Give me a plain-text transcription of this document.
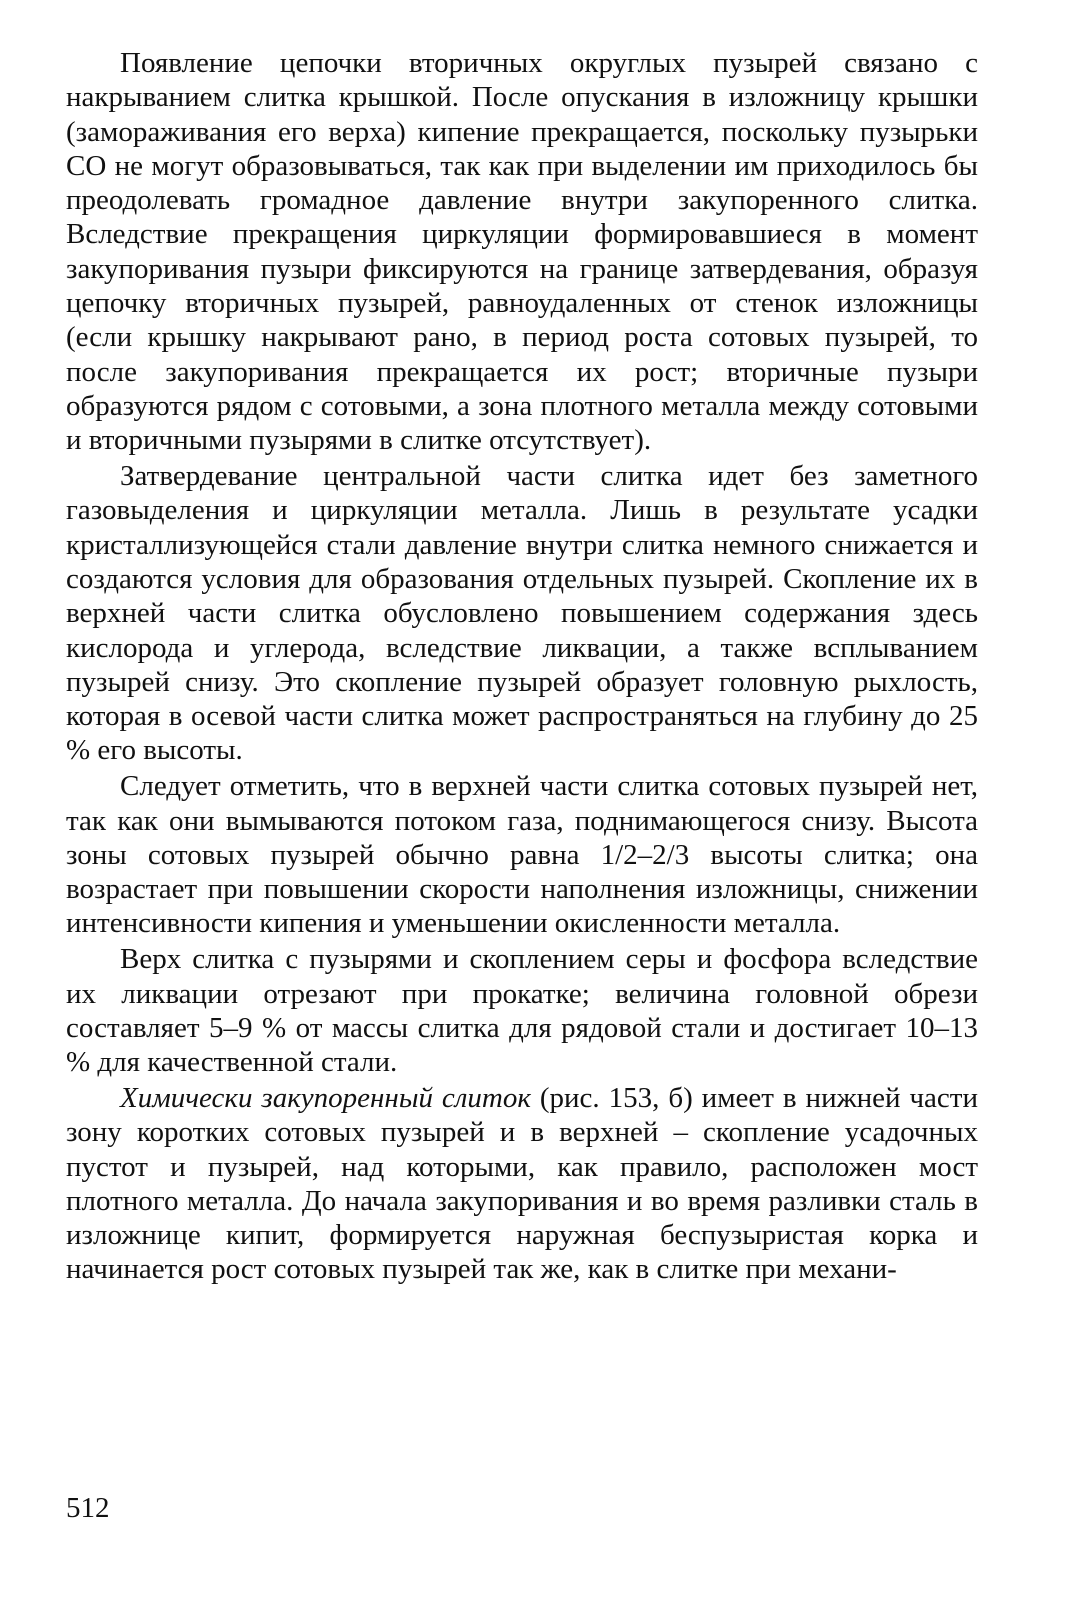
Появление цепочки вторичных округлых пузырей связано с накрыванием слитка крышкой. После опускания в изложницу крышки (замораживания его верха) кипение прекращается, поскольку пузырьки CO не могут образовываться, так как при выделении им приходилось бы преодолевать громадное давление внутри закупоренного слитка. Вследствие прекращения циркуляции формировавшиеся в момент закупоривания пузыри фиксируются на границе затвердевания, образуя цепочку вторичных пузырей, равноудаленных от стенок изложницы (если крышку накрывают рано, в период роста сотовых пузырей, то после закупоривания прекращается их рост; вторичные пузыри образуются рядом с сотовыми, а зона плотного металла между сотовыми и вторичными пузырями в слитке отсутствует).

Затвердевание центральной части слитка идет без заметного газовыделения и циркуляции металла. Лишь в результате усадки кристаллизующейся стали давление внутри слитка немного снижается и создаются условия для образования отдельных пузырей. Скопление их в верхней части слитка обусловлено повышением содержания здесь кислорода и углерода, вследствие ликвации, а также всплыванием пузырей снизу. Это скопление пузырей образует головную рыхлость, которая в осевой части слитка может распространяться на глубину до 25 % его высоты.

Следует отметить, что в верхней части слитка сотовых пузырей нет, так как они вымываются потоком газа, поднимающегося снизу. Высота зоны сотовых пузырей обычно равна 1/2–2/3 высоты слитка; она возрастает при повышении скорости наполнения изложницы, снижении интенсивности кипения и уменьшении окисленности металла.

Верх слитка с пузырями и скоплением серы и фосфора вследствие их ликвации отрезают при прокатке; величина головной обрези составляет 5–9 % от массы слитка для рядовой стали и достигает 10–13 % для качественной стали.

Химически закупоренный слиток (рис. 153, б) имеет в нижней части зону коротких сотовых пузырей и в верхней – скопление усадочных пустот и пузырей, над которыми, как правило, расположен мост плотного металла. До начала закупоривания и во время разливки сталь в изложнице кипит, формируется наружная беспузыристая корка и начинается рост сотовых пузырей так же, как в слитке при механи-

512
